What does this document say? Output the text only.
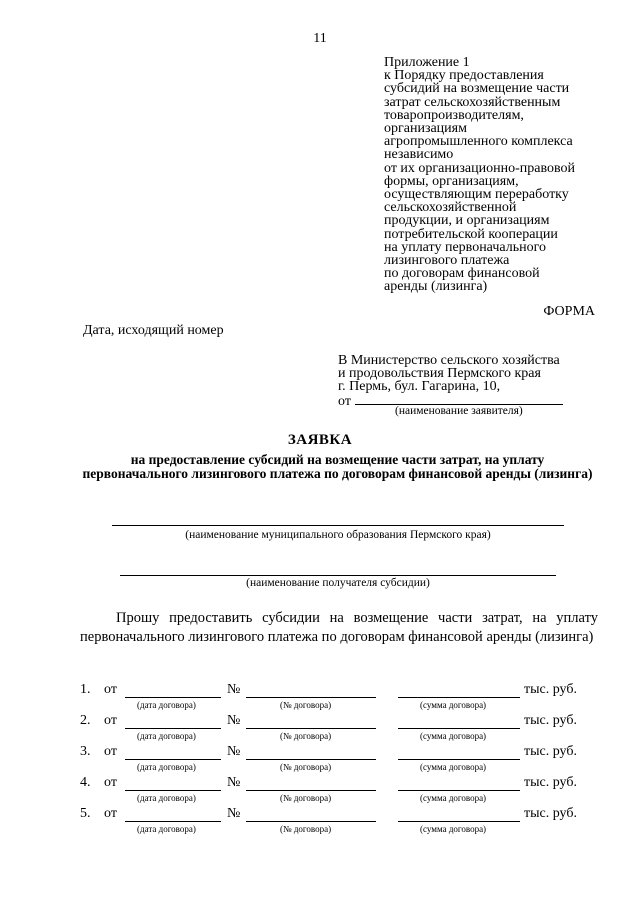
11
Приложение 1
к Порядку предоставления
субсидий на возмещение части
затрат сельскохозяйственным
товаропроизводителям,
организациям
агропромышленного комплекса
независимо
от их организационно-правовой
формы, организациям,
осуществляющим переработку
сельскохозяйственной
продукции, и организациям
потребительской кооперации
на уплату первоначального
лизингового платежа
по договорам финансовой
аренды (лизинга)
ФОРМА
Дата, исходящий номер
В Министерство сельского хозяйства
и продовольствия Пермского края
г. Пермь, бул. Гагарина, 10,
от
(наименование заявителя)
ЗАЯВКА
на предоставление субсидий на возмещение части затрат, на уплату первоначального лизингового платежа по договорам финансовой аренды (лизинга)
(наименование муниципального образования Пермского края)
(наименование получателя субсидии)
Прошу предоставить субсидии на возмещение части затрат, на уплату первоначального лизингового платежа по договорам финансовой аренды (лизинга)
1. от	№	тыс. руб.
(дата договора)	(№ договора)	(сумма договора)
2. от	№	тыс. руб.
(дата договора)	(№ договора)	(сумма договора)
3. от	№	тыс. руб.
(дата договора)	(№ договора)	(сумма договора)
4. от	№	тыс. руб.
(дата договора)	(№ договора)	(сумма договора)
5. от	№	тыс. руб.
(дата договора)	(№ договора)	(сумма договора)
